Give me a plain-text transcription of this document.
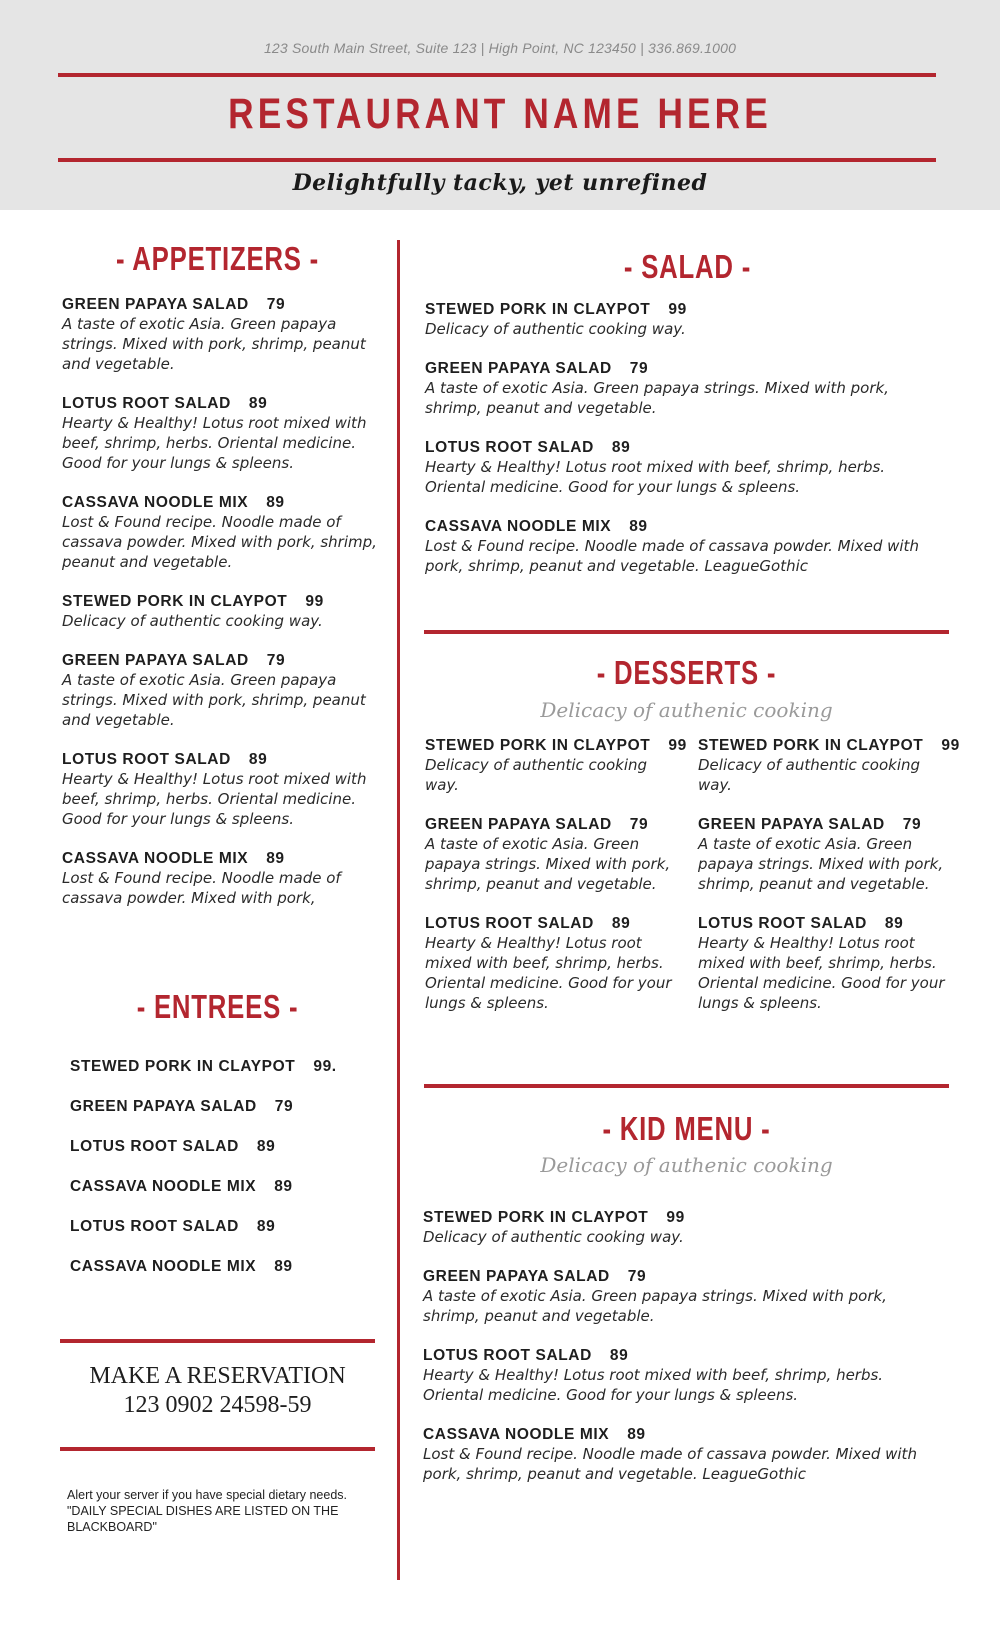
123 South Main Street, Suite 123 | High Point, NC 123450 | 336.869.1000
RESTAURANT NAME HERE
Delightfully tacky, yet unrefined
- APPETIZERS -
GREEN PAPAYA SALAD 79
A taste of exotic Asia. Green papaya strings. Mixed with pork, shrimp, peanut and vegetable.
LOTUS ROOT SALAD 89
Hearty & Healthy! Lotus root mixed with beef, shrimp, herbs. Oriental medicine. Good for your lungs & spleens.
CASSAVA NOODLE MIX 89
Lost & Found recipe. Noodle made of cassava powder. Mixed with pork, shrimp, peanut and vegetable.
STEWED PORK IN CLAYPOT 99
Delicacy of authentic cooking way.
GREEN PAPAYA SALAD 79
A taste of exotic Asia. Green papaya strings. Mixed with pork, shrimp, peanut and vegetable.
LOTUS ROOT SALAD 89
Hearty & Healthy! Lotus root mixed with beef, shrimp, herbs. Oriental medicine. Good for your lungs & spleens.
CASSAVA NOODLE MIX 89
Lost & Found recipe. Noodle made of cassava powder. Mixed with pork,
- ENTREES -
STEWED PORK IN CLAYPOT 99.
GREEN PAPAYA SALAD 79
LOTUS ROOT SALAD 89
CASSAVA NOODLE MIX 89
LOTUS ROOT SALAD 89
CASSAVA NOODLE MIX 89
MAKE A RESERVATION
123 0902 24598-59
Alert your server if you have special dietary needs.
"DAILY SPECIAL DISHES ARE LISTED ON THE BLACKBOARD"
- SALAD -
STEWED PORK IN CLAYPOT 99
Delicacy of authentic cooking way.
GREEN PAPAYA SALAD 79
A taste of exotic Asia. Green papaya strings. Mixed with pork, shrimp, peanut and vegetable.
LOTUS ROOT SALAD 89
Hearty & Healthy! Lotus root mixed with beef, shrimp, herbs. Oriental medicine. Good for your lungs & spleens.
CASSAVA NOODLE MIX 89
Lost & Found recipe. Noodle made of cassava powder. Mixed with pork, shrimp, peanut and vegetable. LeagueGothic
- DESSERTS -
Delicacy of authenic cooking
STEWED PORK IN CLAYPOT 99
Delicacy of authentic cooking way.
GREEN PAPAYA SALAD 79
A taste of exotic Asia. Green papaya strings. Mixed with pork, shrimp, peanut and vegetable.
LOTUS ROOT SALAD 89
Hearty & Healthy! Lotus root mixed with beef, shrimp, herbs. Oriental medicine. Good for your lungs & spleens.
STEWED PORK IN CLAYPOT 99
Delicacy of authentic cooking way.
GREEN PAPAYA SALAD 79
A taste of exotic Asia. Green papaya strings. Mixed with pork, shrimp, peanut and vegetable.
LOTUS ROOT SALAD 89
Hearty & Healthy! Lotus root mixed with beef, shrimp, herbs. Oriental medicine. Good for your lungs & spleens.
- KID MENU -
Delicacy of authenic cooking
STEWED PORK IN CLAYPOT 99
Delicacy of authentic cooking way.
GREEN PAPAYA SALAD 79
A taste of exotic Asia. Green papaya strings. Mixed with pork, shrimp, peanut and vegetable.
LOTUS ROOT SALAD 89
Hearty & Healthy! Lotus root mixed with beef, shrimp, herbs. Oriental medicine. Good for your lungs & spleens.
CASSAVA NOODLE MIX 89
Lost & Found recipe. Noodle made of cassava powder. Mixed with pork, shrimp, peanut and vegetable. LeagueGothic
